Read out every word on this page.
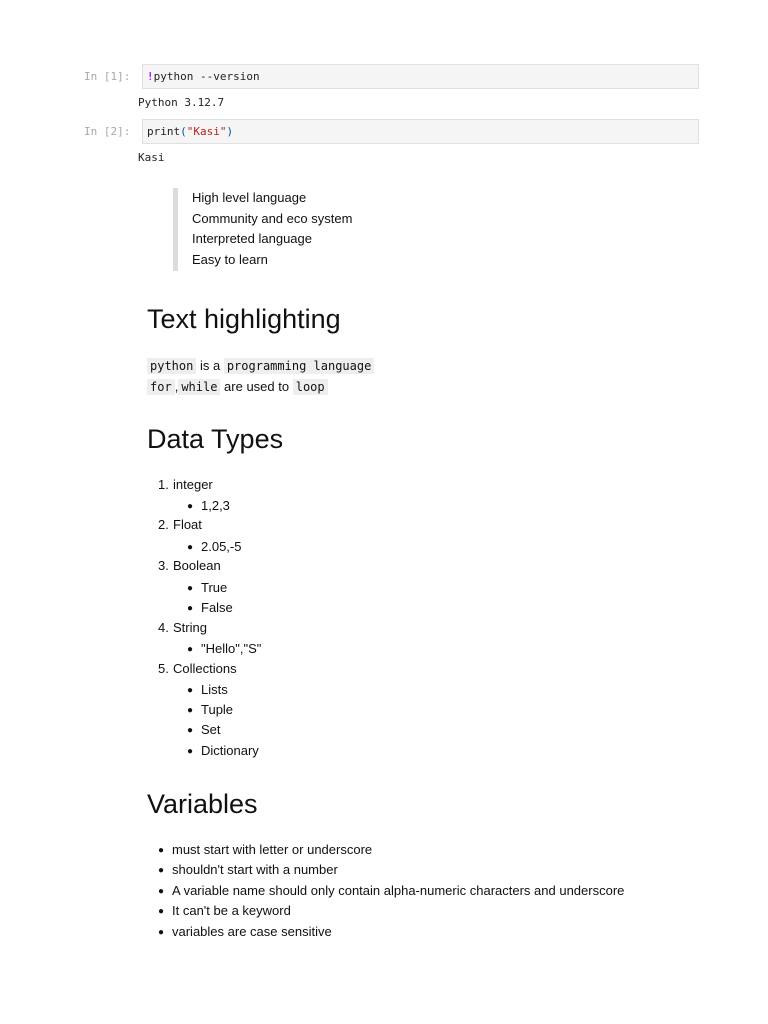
In [1]: !python --version
Python 3.12.7
In [2]: print("Kasi")
Kasi
High level language
Community and eco system
Interpreted language
Easy to learn
Text highlighting
python is a programming language
for , while are used to loop
Data Types
1. integer
● 1,2,3
2. Float
● 2.05,-5
3. Boolean
● True
● False
4. String
● "Hello","S"
5. Collections
● Lists
● Tuple
● Set
● Dictionary
Variables
● must start with letter or underscore
● shouldn't start with a number
● A variable name should only contain alpha-numeric characters and underscore
● It can't be a keyword
● variables are case sensitive
